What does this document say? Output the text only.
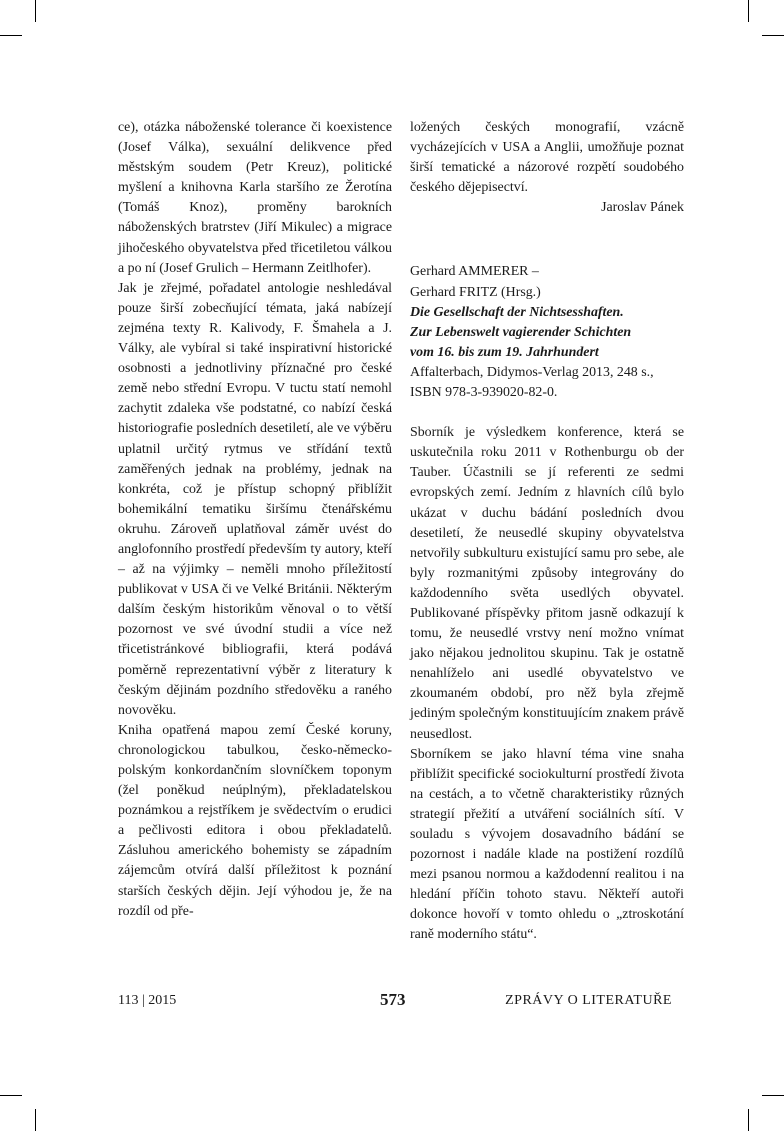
ce), otázka náboženské tolerance či koexistence (Josef Válka), sexuální delikvence před městským soudem (Petr Kreuz), politické myšlení a knihovna Karla staršího ze Žerotína (Tomáš Knoz), proměny barokních náboženských bratrstev (Jiří Mikulec) a migrace jihočeského obyvatelstva před třicetiletou válkou a po ní (Josef Grulich – Hermann Zeitlhofer).

Jak je zřejmé, pořadatel antologie neshledával pouze širší zobecňující témata, jaká nabízejí zejména texty R. Kalivody, F. Šmahela a J. Války, ale vybíral si také inspirativní historické osobnosti a jednotliviny příznačné pro české země nebo střední Evropu. V tuctu statí nemohl zachytit zdaleka vše podstatné, co nabízí česká historiografie posledních desetiletí, ale ve výběru uplatnil určitý rytmus ve střídání textů zaměřených jednak na problémy, jednak na konkréta, což je přístup schopný přiblížit bohemikální tematiku širšímu čtenářskému okruhu. Zároveň uplatňoval záměr uvést do anglofonního prostředí především ty autory, kteří – až na výjimky – neměli mnoho příležitostí publikovat v USA či ve Velké Británii. Některým dalším českým historikům věnoval o to větší pozornost ve své úvodní studii a více než třicetistránkové bibliografii, která podává poměrně reprezentativní výběr z literatury k českým dějinám pozdního středověku a raného novověku.

Kniha opatřená mapou zemí České koruny, chronologickou tabulkou, česko-německo-polským konkordančním slovníčkem toponym (žel poněkud neúplným), překladatelskou poznámkou a rejstříkem je svědectvím o erudici a pečlivosti editora i obou překladatelů. Zásluhou amerického bohemisty se západním zájemcům otvírá další příležitost k poznání starších českých dějin. Její výhodou je, že na rozdíl od pře-

ložených českých monografií, vzácně vycházejících v USA a Anglii, umožňuje poznat širší tematické a názorové rozpětí soudobého českého dějepisectví.

Jaroslav Pánek

Gerhard AMMERER –
Gerhard FRITZ (Hrsg.)
Die Gesellschaft der Nichtsesshaften.
Zur Lebenswelt vagierender Schichten
vom 16. bis zum 19. Jahrhundert
Affalterbach, Didymos-Verlag 2013, 248 s.,
ISBN 978-3-939020-82-0.

Sborník je výsledkem konference, která se uskutečnila roku 2011 v Rothenburgu ob der Tauber. Účastnili se jí referenti ze sedmi evropských zemí. Jedním z hlavních cílů bylo ukázat v duchu bádání posledních dvou desetiletí, že neusedlé skupiny obyvatelstva netvořily subkulturu existující samu pro sebe, ale byly rozmanitými způsoby integrovány do každodenního světa usedlých obyvatel. Publikované příspěvky přitom jasně odkazují k tomu, že neusedlé vrstvy není možno vnímat jako nějakou jednolitou skupinu. Tak je ostatně nenahlíželo ani usedlé obyvatelstvo ve zkoumaném období, pro něž byla zřejmě jediným společným konstituujícím znakem právě neusedlost.

Sborníkem se jako hlavní téma vine snaha přiblížit specifické sociokulturní prostředí života na cestách, a to včetně charakteristiky různých strategií přežití a utváření sociálních sítí. V souladu s vývojem dosavadního bádání se pozornost i nadále klade na postižení rozdílů mezi psanou normou a každodenní realitou i na hledání příčin tohoto stavu. Někteří autoři dokonce hovoří v tomto ohledu o „ztroskotání raně moderního státu“.

113 | 2015	573	ZPRÁVY O LITERATUŘE
